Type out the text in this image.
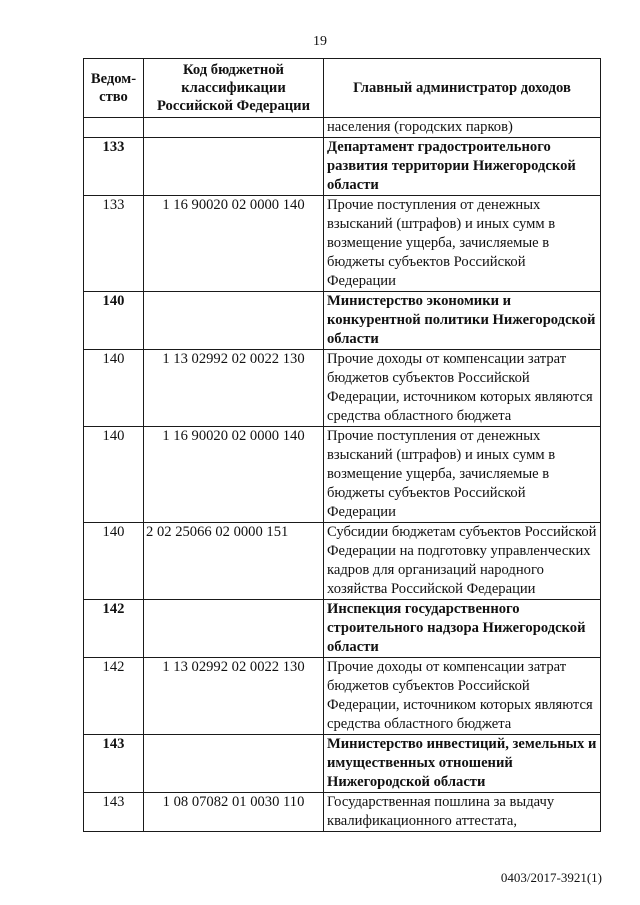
19
Ведом-ство	Код бюджетной классификации Российской Федерации	Главный администратор доходов
		населения (городских парков)
133		Департамент градостроительного развития территории Нижегородской области
133	1 16 90020 02 0000 140	Прочие поступления от денежных взысканий (штрафов) и иных сумм в возмещение ущерба, зачисляемые в бюджеты субъектов Российской Федерации
140		Министерство экономики и конкурентной политики Нижегородской области
140	1 13 02992 02 0022 130	Прочие доходы от компенсации затрат бюджетов субъектов Российской Федерации, источником которых являются средства областного бюджета
140	1 16 90020 02 0000 140	Прочие поступления от денежных взысканий (штрафов) и иных сумм в возмещение ущерба, зачисляемые в бюджеты субъектов Российской Федерации
140	2 02 25066 02 0000 151	Субсидии бюджетам субъектов Российской Федерации на подготовку управленческих кадров для организаций народного хозяйства Российской Федерации
142		Инспекция государственного строительного надзора Нижегородской области
142	1 13 02992 02 0022 130	Прочие доходы от компенсации затрат бюджетов субъектов Российской Федерации, источником которых являются средства областного бюджета
143		Министерство инвестиций, земельных и имущественных отношений Нижегородской области
143	1 08 07082 01 0030 110	Государственная пошлина за выдачу квалификационного аттестата,
0403/2017-3921(1)
